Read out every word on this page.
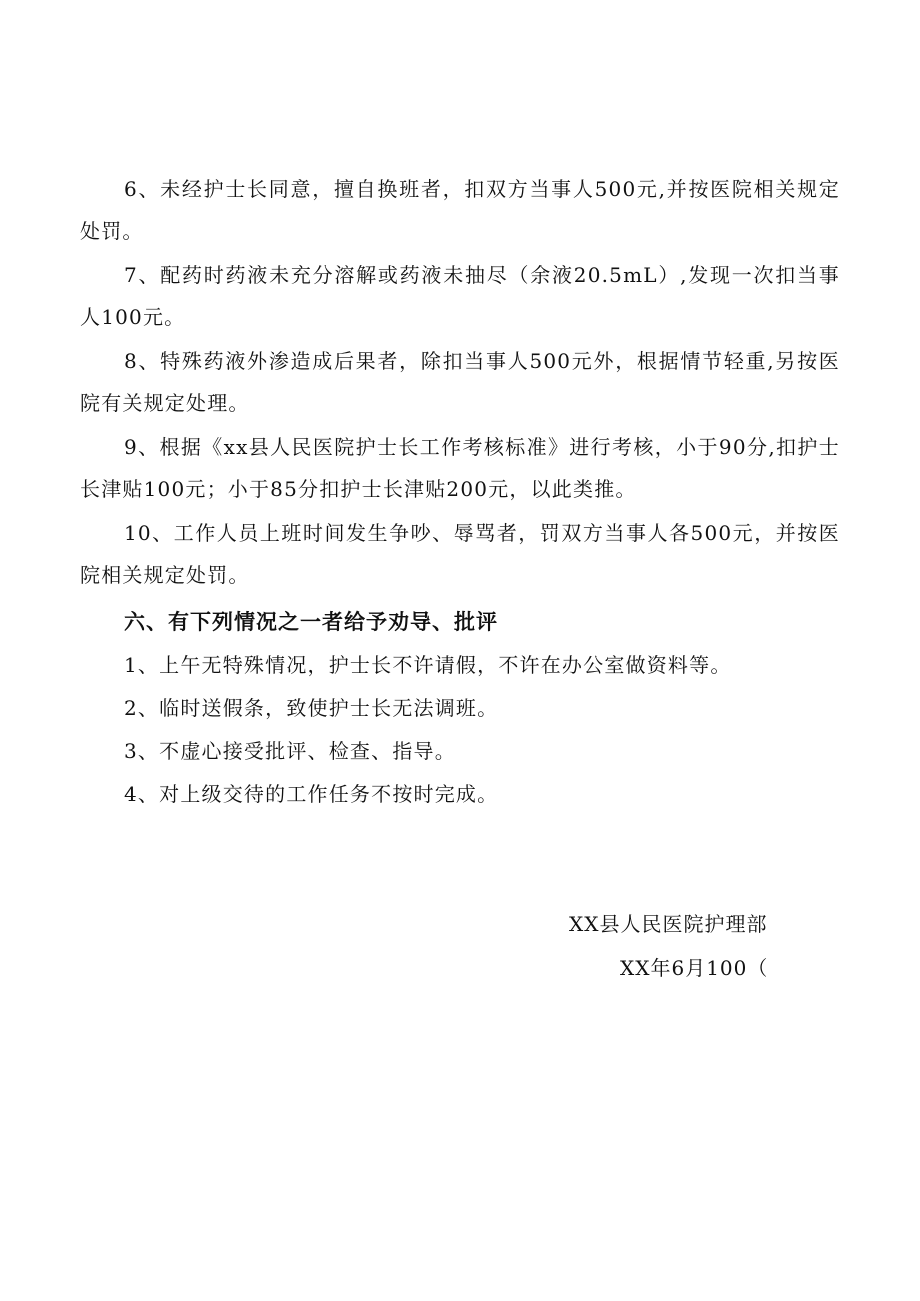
6、未经护士长同意，擅自换班者，扣双方当事人500元,并按医院相关规定处罚。

7、配药时药液未充分溶解或药液未抽尽（余液20.5mL）,发现一次扣当事人100元。

8、特殊药液外渗造成后果者，除扣当事人500元外，根据情节轻重,另按医院有关规定处理。

9、根据《xx县人民医院护士长工作考核标准》进行考核，小于90分,扣护士长津贴100元；小于85分扣护士长津贴200元，以此类推。

10、工作人员上班时间发生争吵、辱骂者，罚双方当事人各500元，并按医院相关规定处罚。

六、有下列情况之一者给予劝导、批评

1、上午无特殊情况，护士长不许请假，不许在办公室做资料等。

2、临时送假条，致使护士长无法调班。

3、不虚心接受批评、检查、指导。

4、对上级交待的工作任务不按时完成。

XX县人民医院护理部

XX年6月100（
